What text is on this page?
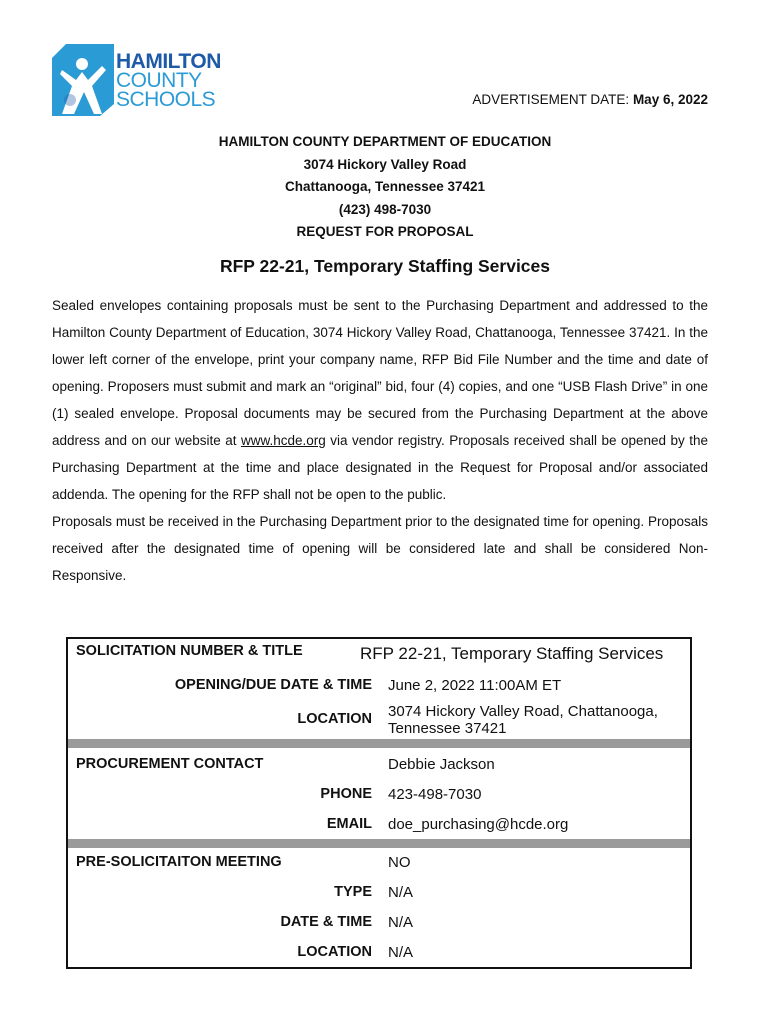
HAMILTON
COUNTY
SCHOOLS	ADVERTISEMENT DATE: May 6, 2022
HAMILTON COUNTY DEPARTMENT OF EDUCATION
3074 Hickory Valley Road
Chattanooga, Tennessee 37421
(423) 498-7030
REQUEST FOR PROPOSAL
RFP 22-21, Temporary Staffing Services

Sealed envelopes containing proposals must be sent to the Purchasing Department and addressed to the Hamilton County Department of Education, 3074 Hickory Valley Road, Chattanooga, Tennessee 37421. In the lower left corner of the envelope, print your company name, RFP Bid File Number and the time and date of opening. Proposers must submit and mark an “original” bid, four (4) copies, and one “USB Flash Drive” in one (1) sealed envelope. Proposal documents may be secured from the Purchasing Department at the above address and on our website at www.hcde.org via vendor registry. Proposals received shall be opened by the Purchasing Department at the time and place designated in the Request for Proposal and/or associated addenda. The opening for the RFP shall not be open to the public.

Proposals must be received in the Purchasing Department prior to the designated time for opening. Proposals received after the designated time of opening will be considered late and shall be considered Non-Responsive.

SOLICITATION NUMBER & TITLE	RFP 22-21, Temporary Staffing Services
OPENING/DUE DATE & TIME June 2, 2022 11:00AM ET
LOCATION 3074 Hickory Valley Road, Chattanooga,
Tennessee 37421
PROCUREMENT CONTACT	Debbie Jackson
PHONE 423-498-7030
EMAIL doe_purchasing@hcde.org
PRE-SOLICITAITON MEETING	NO
TYPE N/A
DATE & TIME N/A
LOCATION N/A
